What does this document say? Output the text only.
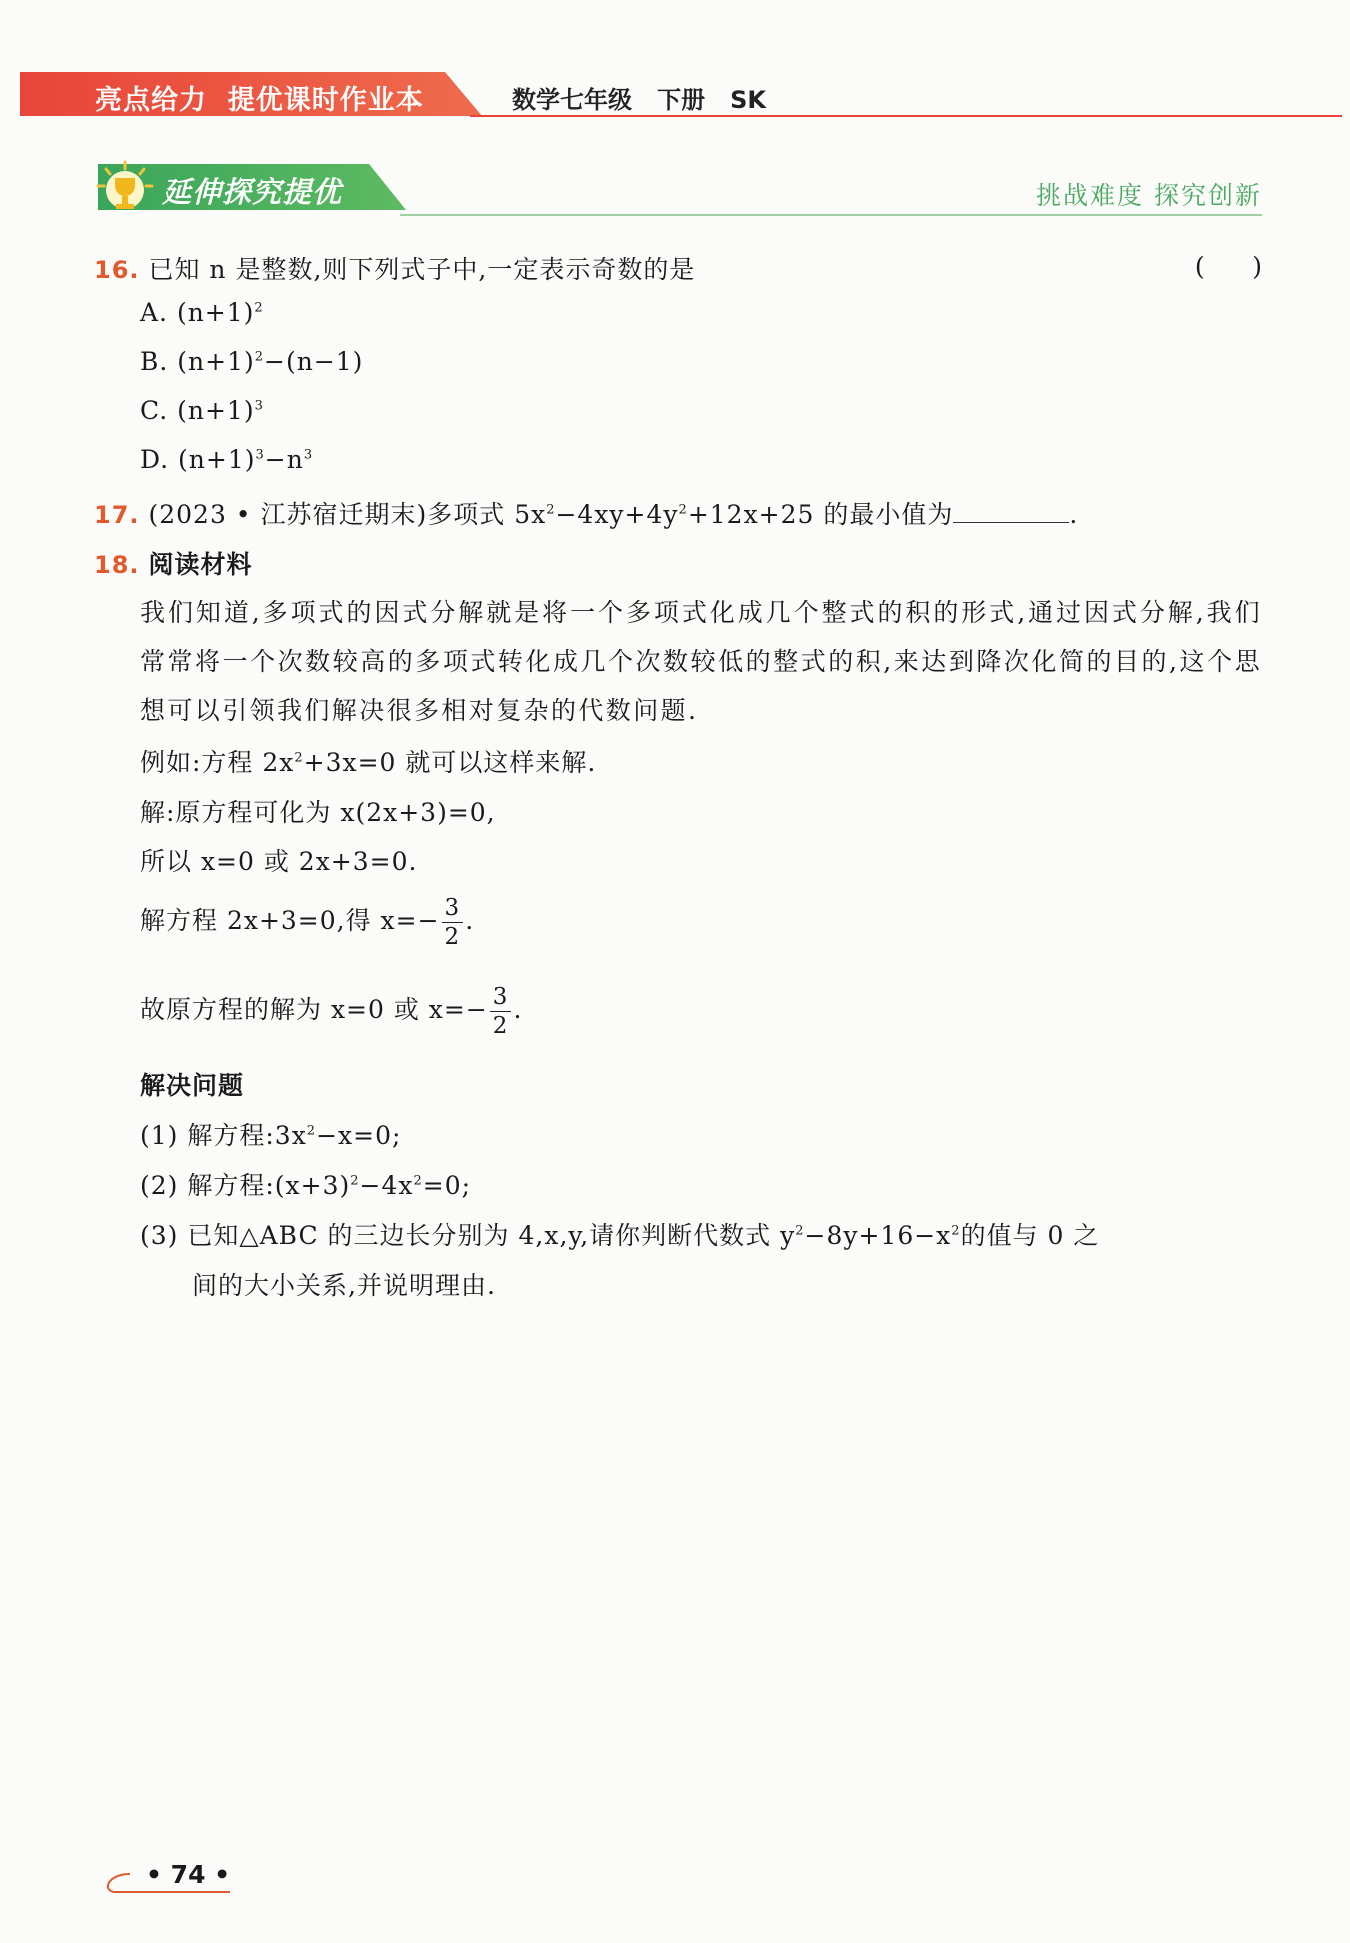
亮点给力  提优课时作业本	数学七年级   下册   SK
延伸探究提优	挑战难度 探究创新
16. 已知 n 是整数,则下列式子中,一定表示奇数的是	(      )
A. $(n+1)^2$
B. $(n+1)^2-(n-1)$
C. $(n+1)^3$
D. $(n+1)^3-n^3$
17. (2023 • 江苏宿迁期末)多项式 $5x^2-4xy+4y^2+12x+25$ 的最小值为	.
18. 阅读材料
我们知道,多项式的因式分解就是将一个多项式化成几个整式的积的形式,通过因式分解,我们常常将一个次数较高的多项式转化成几个次数较低的整式的积,来达到降次化简的目的,这个思想可以引领我们解决很多相对复杂的代数问题.
例如:方程 $2x^2+3x=0$ 就可以这样来解.
解:原方程可化为 x(2x+3)=0,
所以 x=0 或 2x+3=0.
解方程 2x+3=0,得 $x=- \frac{3}{2}$ .
故原方程的解为 x=0 或 $x=- \frac{3}{2}$ .
解决问题
(1) 解方程$:3x^2-x=0$;
(2) 解方程$:(x+3)^2-4x^2=0$;
(3) 已知△ABC 的三边长分别为 4,x,y,请你判断代数式 $y^2-8y+16-x^2$的值与 0 之
间的大小关系,并说明理由.
• 74 •
